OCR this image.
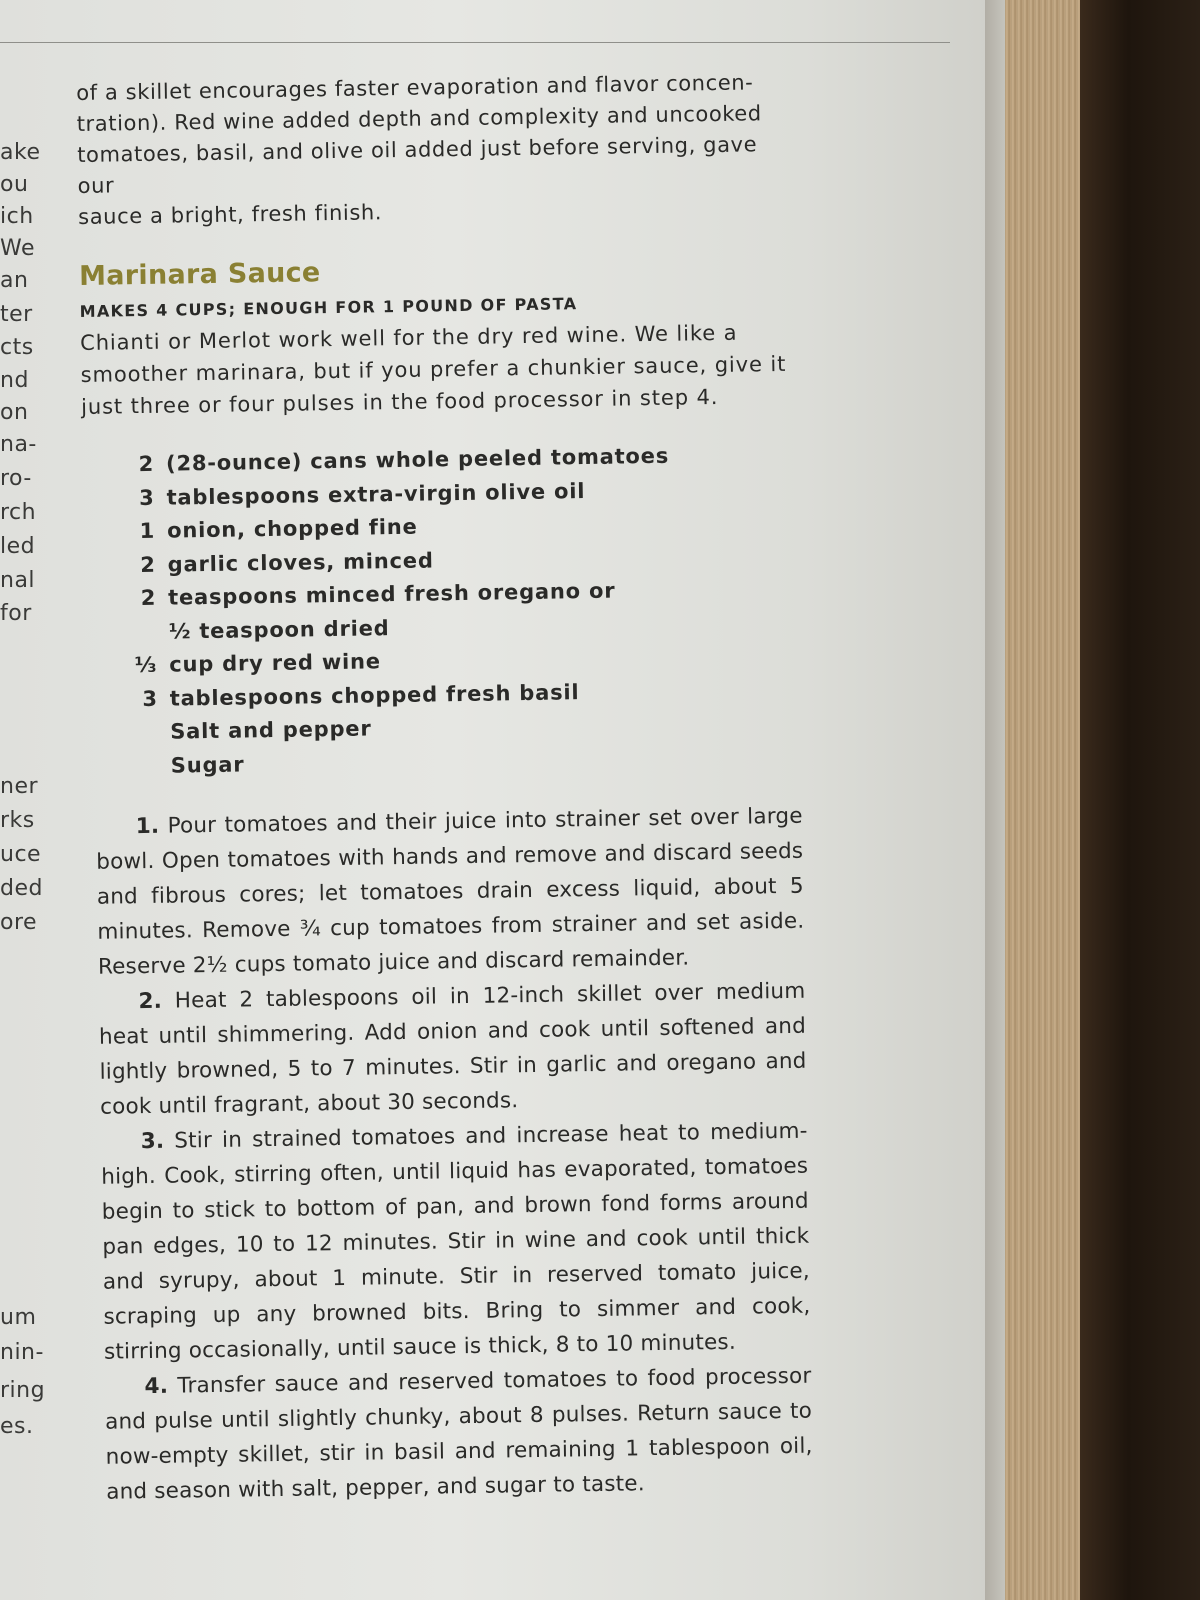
ake
ou
ich
We
an
ter
cts
nd
on
na-
ro-
rch
led
nal
for
ner
rks
uce
ded
ore
um
nin-
ring
es.

of a skillet encourages faster evaporation and flavor concen-

tration). Red wine added depth and complexity and uncooked

tomatoes, basil, and olive oil added just before serving, gave our

sauce a bright, fresh finish.

Marinara Sauce
MAKES 4 CUPS; ENOUGH FOR 1 POUND OF PASTA

Chianti or Merlot work well for the dry red wine. We like a smoother marinara, but if you prefer a chunkier sauce, give it just three or four pulses in the food processor in step 4.

2 (28-ounce) cans whole peeled tomatoes
3 tablespoons extra-virgin olive oil
1 onion, chopped fine
2 garlic cloves, minced
2 teaspoons minced fresh oregano or
½ teaspoon dried
⅓ cup dry red wine
3 tablespoons chopped fresh basil
Salt and pepper
Sugar

1. Pour tomatoes and their juice into strainer set over large bowl. Open tomatoes with hands and remove and discard seeds and fibrous cores; let tomatoes drain excess liquid, about 5 minutes. Remove ¾ cup tomatoes from strainer and set aside. Reserve 2½ cups tomato juice and discard remainder.

2. Heat 2 tablespoons oil in 12-inch skillet over medium heat until shimmering. Add onion and cook until softened and lightly browned, 5 to 7 minutes. Stir in garlic and oregano and cook until fragrant, about 30 seconds.

3. Stir in strained tomatoes and increase heat to medium-high. Cook, stirring often, until liquid has evaporated, tomatoes begin to stick to bottom of pan, and brown fond forms around pan edges, 10 to 12 minutes. Stir in wine and cook until thick and syrupy, about 1 minute. Stir in reserved tomato juice, scraping up any browned bits. Bring to simmer and cook, stirring occasionally, until sauce is thick, 8 to 10 minutes.

4. Transfer sauce and reserved tomatoes to food processor and pulse until slightly chunky, about 8 pulses. Return sauce to now-empty skillet, stir in basil and remaining 1 tablespoon oil, and season with salt, pepper, and sugar to taste.
